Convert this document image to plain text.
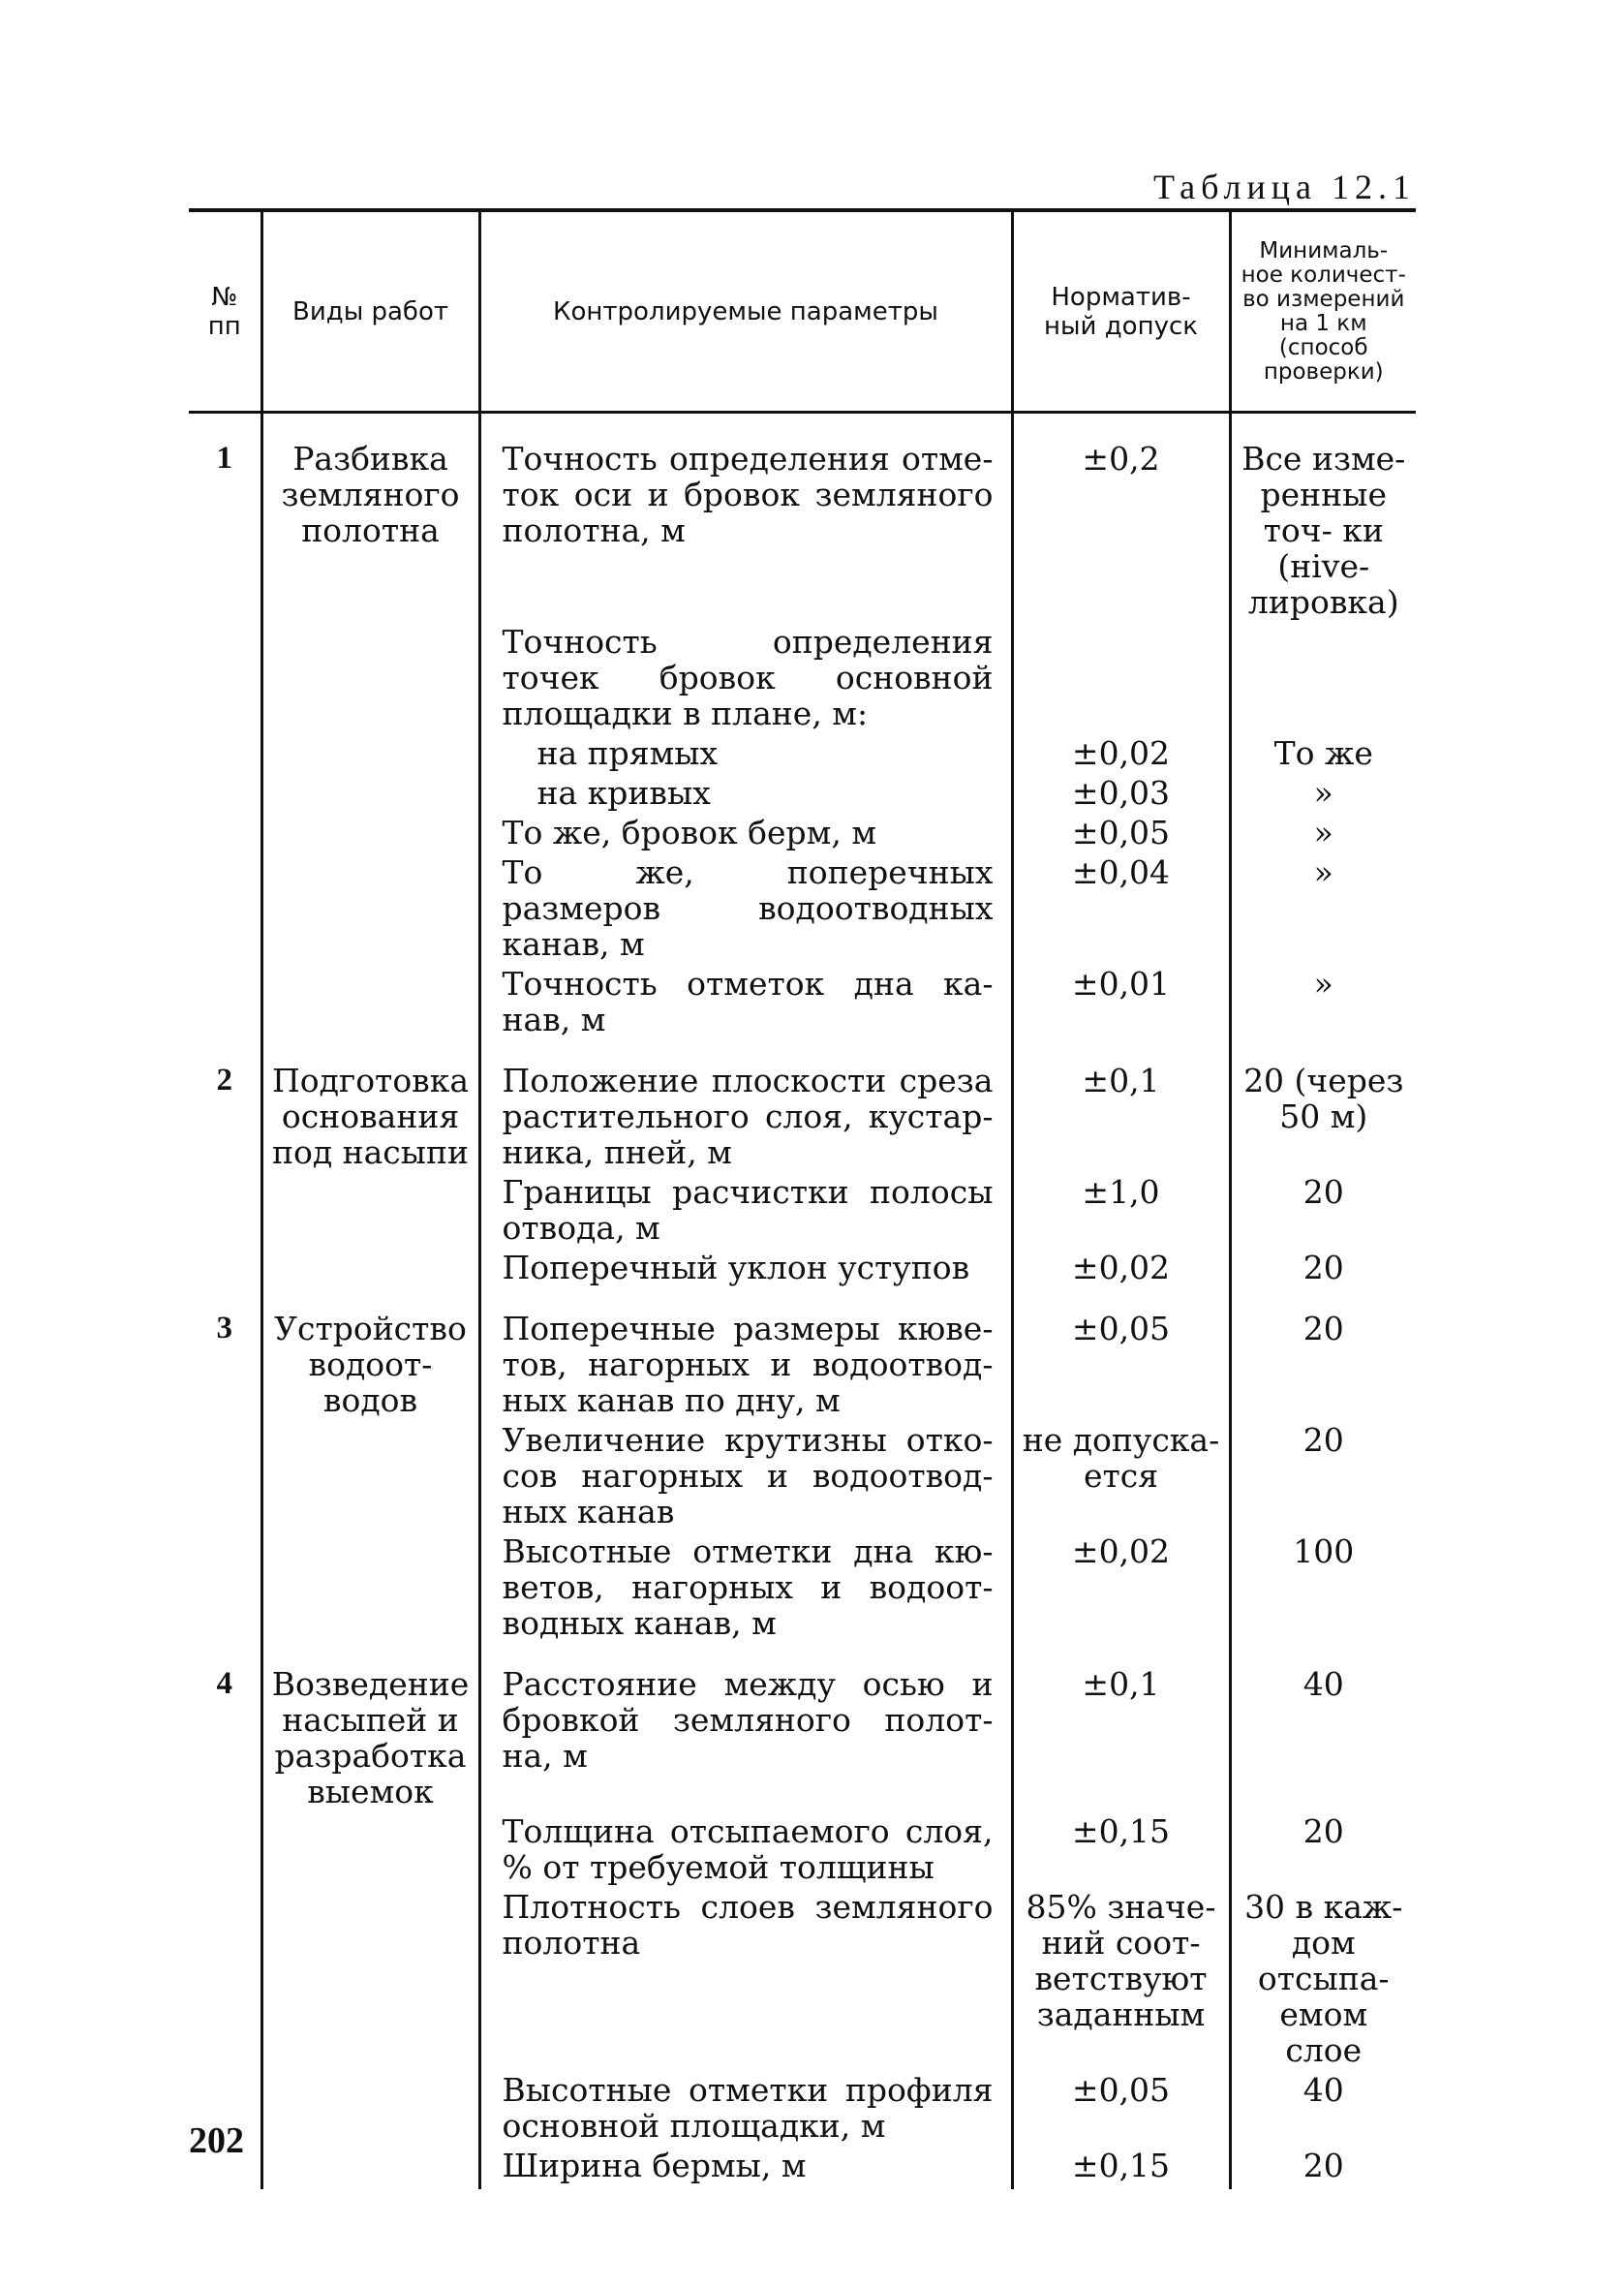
Таблица 12.1
№ пп	Виды работ	Контролируемые параметры	Норматив- ный допуск	Минималь- ное количест- во измерений на 1 км (способ проверки)
1	Разбивка земляного полотна	Точность определения отме- ток оси и бровок земляного полотна, м	±0,2	Все изме- ренные точ- ки (нive- лировка)
		Точность определения точек бровок основной площадки в плане, м:		
		на прямых	±0,02	То же
		на кривых	±0,03	»
		То же, бровок берм, м	±0,05	»
		То же, поперечных размеров водоотводных канав, м	±0,04	»
		Точность отметок дна ка- нав, м	±0,01	»
2	Подготовка основания под насыпи	Положение плоскости среза растительного слоя, кустар- ника, пней, м	±0,1	20 (через 50 м)
		Границы расчистки полосы отвода, м	±1,0	20
		Поперечный уклон уступов	±0,02	20
3	Устройство водоот- водов	Поперечные размеры кюве- тов, нагорных и водоотвод- ных канав по дну, м	±0,05	20
		Увеличение крутизны отко- сов нагорных и водоотвод- ных канав	не допуска- ется	20
		Высотные отметки дна кю- ветов, нагорных и водоот- водных канав, м	±0,02	100
4	Возведение насыпей и разработка выемок	Расстояние между осью и бровкой земляного полот- на, м	±0,1	40
		Толщина отсыпаемого слоя, % от требуемой толщины	±0,15	20
		Плотность слоев земляного полотна	85% значе- ний соот- ветствуют заданным	30 в каж- дом отсыпа- емом слое
		Высотные отметки профиля основной площадки, м	±0,05	40
		Ширина бермы, м	±0,15	20
202
